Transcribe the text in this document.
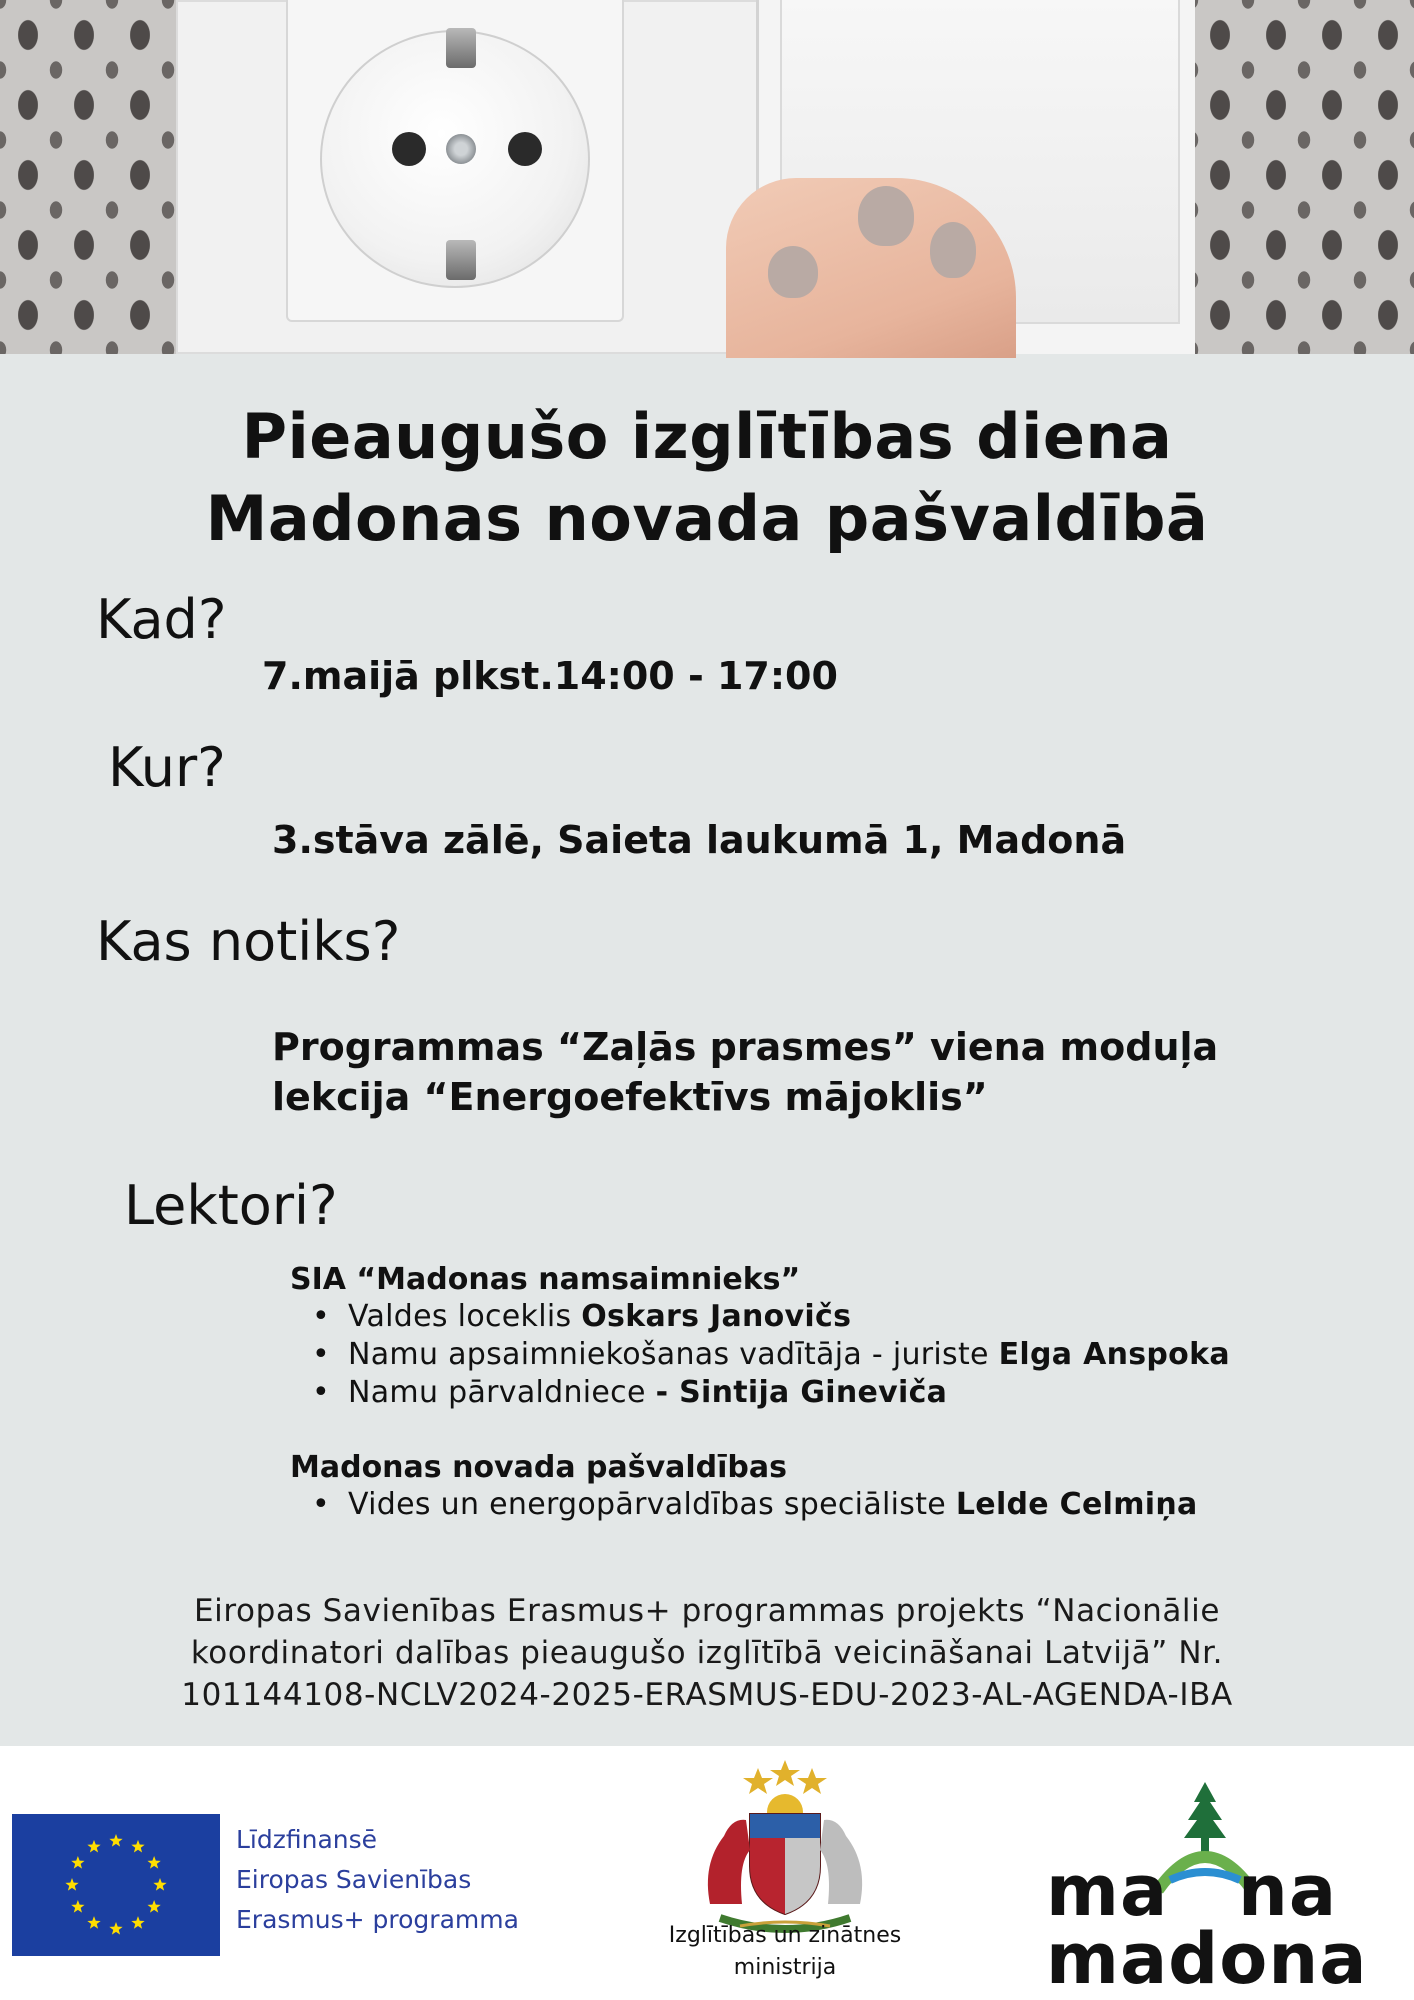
Pieaugušo izglītības diena
Madonas novada pašvaldībā
Kad?
7.maijā plkst.14:00 - 17:00
Kur?
3.stāva zālē, Saieta laukumā 1, Madonā
Kas notiks?
Programmas “Zaļās prasmes” viena moduļa
lekcija “Energoefektīvs mājoklis”
Lektori?
SIA “Madonas namsaimnieks”
• Valdes loceklis Oskars Janovičs
• Namu apsaimniekošanas vadītāja - juriste Elga Anspoka
• Namu pārvaldniece - Sintija Ginevičа
Madonas novada pašvaldības
• Vides un energopārvaldības speciāliste Lelde Celmiņa
Eiropas Savienības Erasmus+ programmas projekts “Nacionālie
koordinatori dalības pieaugušo izglītībā veicināšanai Latvijā” Nr.
101144108-NCLV2024-2025-ERASMUS-EDU-2023-AL-AGENDA-IBA
Līdzfinansē
Eiropas Savienības
Erasmus+ programma
Izglītības un zinātnes
ministrija
ma na
madona
